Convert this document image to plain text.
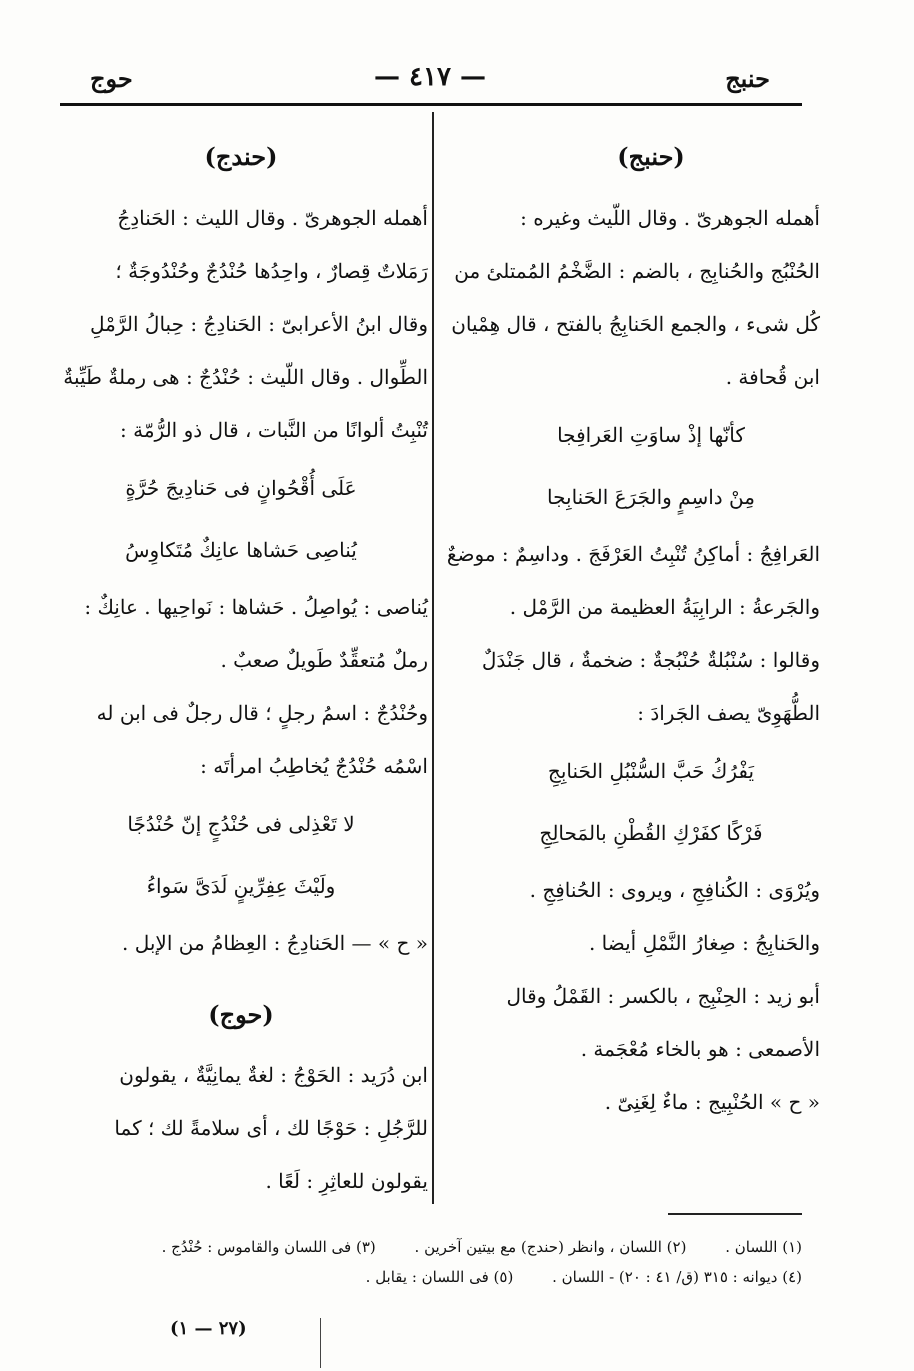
حنبج
— ٤١٧ —
حوج
(حنبج)
أهمله الجوهرىّ . وقال اللّيث وغيره :
الحُنْبُج والحُنابِج ، بالضم : الضَّخْمُ المُمتلئ من
كُل شىء ، والجمع الحَنابِجُ بالفتح ، قال هِمْيان
ابن قُحافة .
كأنّها إذْ ساوَتِ العَرافِجا
مِنْ داسِمٍ والجَرَعَ الحَنابِجا
العَرافِجُ : أماكِنُ تُنْبِتُ العَرْفَجَ . وداسِمٌ : موضعٌ
والجَرعةُ : الرابِيَةُ العظيمة من الرَّمْل .
وقالوا : سُنْبُلةٌ حُنْبُجةٌ : ضخمةٌ ، قال جَنْدَلٌ
الطُّهَوِىّ يصف الجَرادَ :
يَفْرُكُ حَبَّ السُّنْبُلِ الحَنابِجِ
فَرْكًا كفَرْكِ القُطْنِ بالمَحالِجِ
ويُرْوَى : الكُنافِجِ ، ويروى : الحُنافِجِ .
والحَنابِجُ : صِغارُ النَّمْلِ أيضا .
أبو زيد : الحِنْبِج ، بالكسر : القَمْلُ وقال
الأصمعى : هو بالخاء مُعْجَمة .
« ح » الحُنْبِيج : ماءٌ لِغَنِىّ .
(حندج)
أهمله الجوهرىّ . وقال الليث : الحَنادِجُ
رَمَلاتٌ قِصارٌ ، واحِدُها حُنْدُجٌ وحُنْدُوجَةٌ ؛
وقال ابنُ الأعرابىّ : الحَنادِجُ : حِبالُ الرَّمْلِ
الطِّوال . وقال اللّيث : حُنْدُجٌ : هى رملةٌ طَيِّبةٌ
تُنْبِتُ ألوانًا من النَّبات ، قال ذو الرُّمّة :
عَلَى أُقْحُوانٍ فى حَنادِيجَ حُرَّةٍ
يُناصِى حَشاها عانِكٌ مُتَكاوِسُ
يُناصى : يُواصِلُ . حَشاها : نَواحِيها . عانِكٌ :
رملٌ مُتعقِّدٌ طَويلٌ صعبٌ .
وحُنْدُجٌ : اسمُ رجلٍ ؛ قال رجلٌ فى ابن له
اسْمُه حُنْدُجٌ يُخاطِبُ امرأتَه :
لا تَعْذِلى فى حُنْدُجٍ إنّ حُنْدُجًا
ولَيْثَ عِفِرِّينٍ لَدَىَّ سَواءُ
« ح » — الحَنادِجُ : العِظامُ من الإبل .
(حوج)
ابن دُرَيد : الحَوْجُ : لغةٌ يمانِيَّةٌ ، يقولون
للرَّجُلِ : حَوْجًا لك ، أى سلامةً لك ؛ كما
يقولون للعاثِرِ : لَعًا .
(١) اللسان . (٢) اللسان ، وانظر (حندج) مع بيتين آخرين . (٣) فى اللسان والقاموس : حُنْدُج .
(٤) ديوانه : ٣١٥ (ق/ ٤١ : ٢٠) - اللسان . (٥) فى اللسان : يقابل .
(٢٧ — ١)
